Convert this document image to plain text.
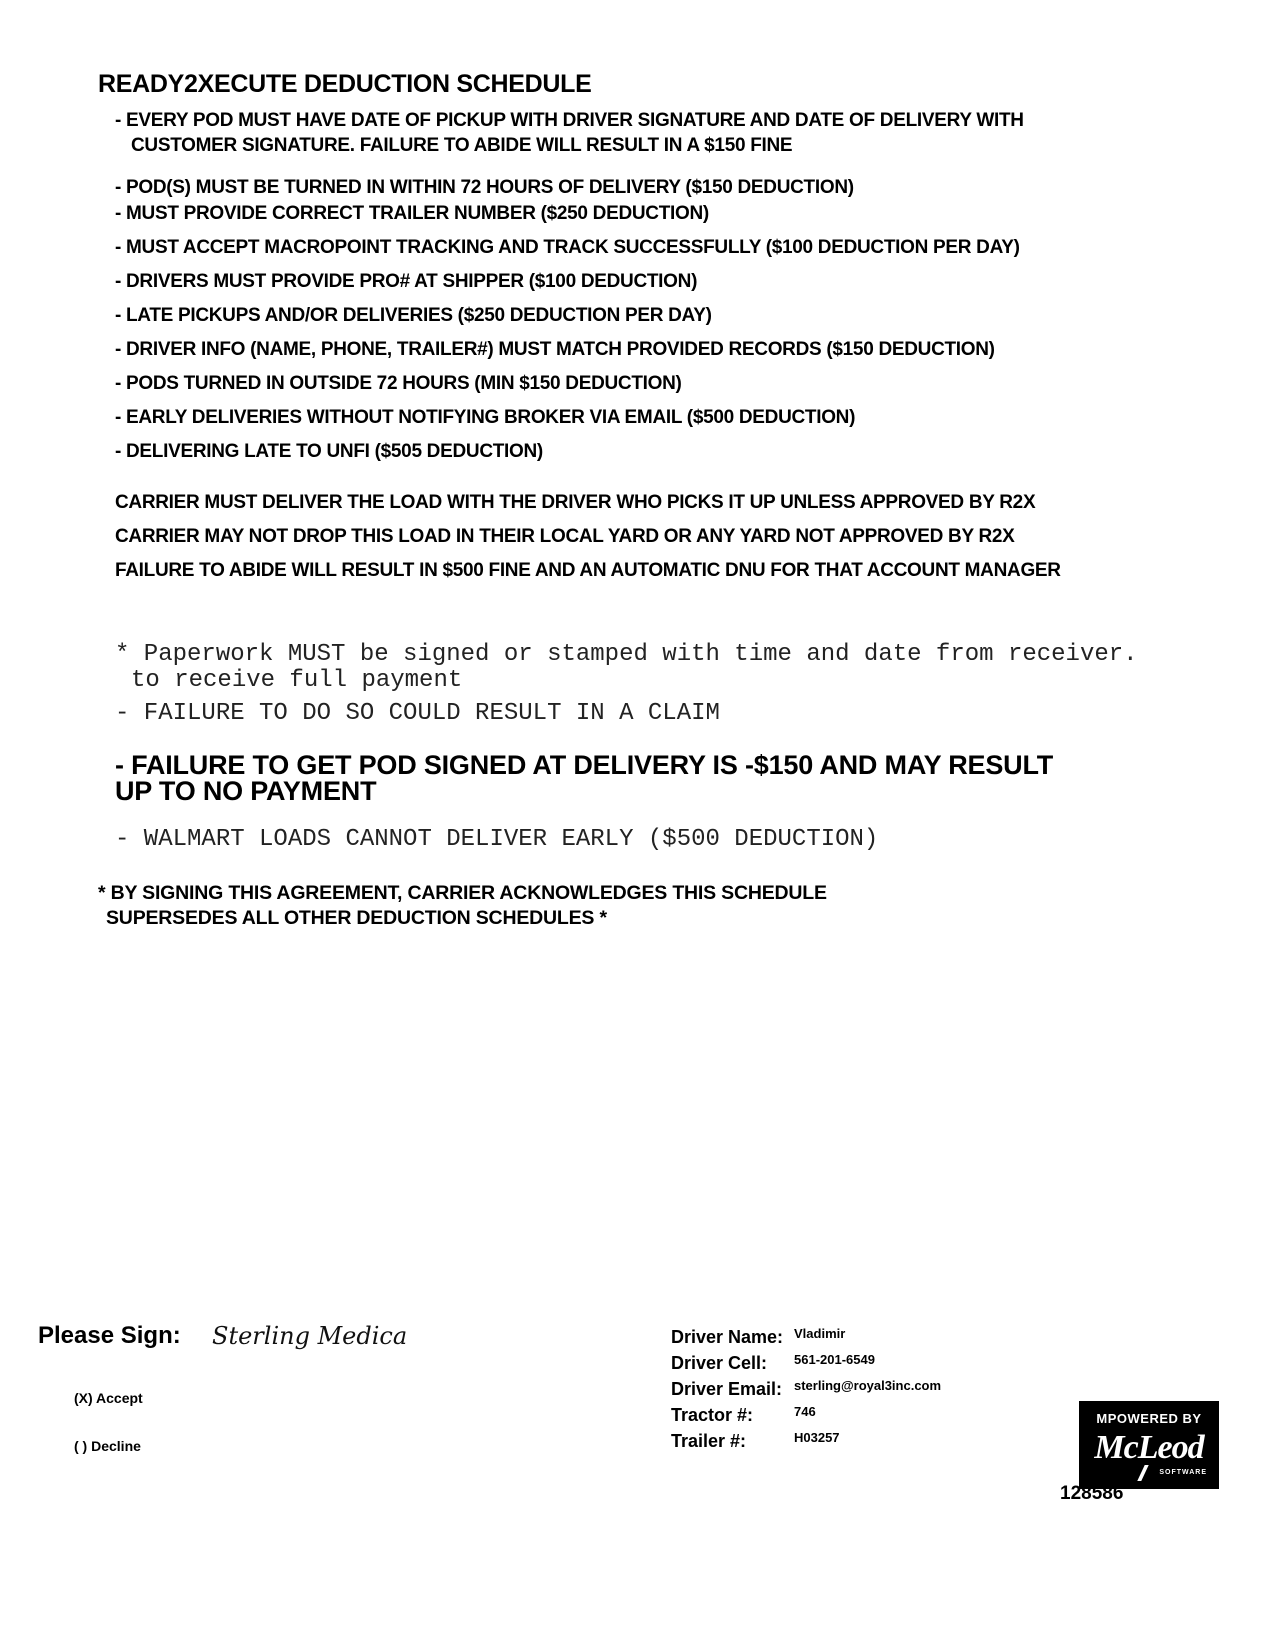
READY2XECUTE DEDUCTION SCHEDULE
- EVERY POD MUST HAVE DATE OF PICKUP WITH DRIVER SIGNATURE AND DATE OF DELIVERY WITH
CUSTOMER SIGNATURE. FAILURE TO ABIDE WILL RESULT IN A $150 FINE
- POD(S) MUST BE TURNED IN WITHIN 72 HOURS OF DELIVERY ($150 DEDUCTION)
- MUST PROVIDE CORRECT TRAILER NUMBER ($250 DEDUCTION)
- MUST ACCEPT MACROPOINT TRACKING AND TRACK SUCCESSFULLY ($100 DEDUCTION PER DAY)
- DRIVERS MUST PROVIDE PRO# AT SHIPPER ($100 DEDUCTION)
- LATE PICKUPS AND/OR DELIVERIES ($250 DEDUCTION PER DAY)
- DRIVER INFO (NAME, PHONE, TRAILER#) MUST MATCH PROVIDED RECORDS ($150 DEDUCTION)
- PODS TURNED IN OUTSIDE 72 HOURS (MIN $150 DEDUCTION)
- EARLY DELIVERIES WITHOUT NOTIFYING BROKER VIA EMAIL ($500 DEDUCTION)
- DELIVERING LATE TO UNFI ($505 DEDUCTION)
CARRIER MUST DELIVER THE LOAD WITH THE DRIVER WHO PICKS IT UP UNLESS APPROVED BY R2X
CARRIER MAY NOT DROP THIS LOAD IN THEIR LOCAL YARD OR ANY YARD NOT APPROVED BY R2X
FAILURE TO ABIDE WILL RESULT IN $500 FINE AND AN AUTOMATIC DNU FOR THAT ACCOUNT MANAGER
* Paperwork MUST be signed or stamped with time and date from receiver.
to receive full payment
- FAILURE TO DO SO COULD RESULT IN A CLAIM
- FAILURE TO GET POD SIGNED AT DELIVERY IS -$150 AND MAY RESULT
UP TO NO PAYMENT
- WALMART LOADS CANNOT DELIVER EARLY ($500 DEDUCTION)
* BY SIGNING THIS AGREEMENT, CARRIER ACKNOWLEDGES THIS SCHEDULE
SUPERSEDES ALL OTHER DEDUCTION SCHEDULES *
Please Sign: Sterling Medica
(X) Accept
( ) Decline
Driver Name: Vladimir
Driver Cell: 561-201-6549
Driver Email: sterling@royal3inc.com
Tractor #:	746
Trailer #:	H03257
MPOWERED BY
McLeod
SOFTWARE
128586
